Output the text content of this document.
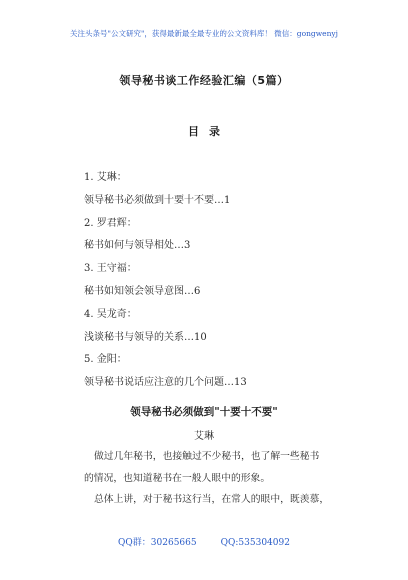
关注头条号"公文研究"，获得最新最全最专业的公文资料库！ 微信：gongwenyj
领导秘书谈工作经验汇编（5篇）
目录
1. 艾琳：
领导秘书必须做到十要十不要…1
2. 罗君辉：
秘书如何与领导相处…3
3. 王守福：
秘书如知领会领导意图…6
4. 吴龙奇：
浅谈秘书与领导的关系…10
5. 金阳：
领导秘书说话应注意的几个问题…13
领导秘书必须做到"十要十不要"
艾琳
做过几年秘书，也接触过不少秘书，也了解一些秘书
的情况，也知道秘书在一般人眼中的形象。
总体上讲，对于秘书这行当，在常人的眼中，既羡慕，
QQ群：30265665	QQ:535304092
